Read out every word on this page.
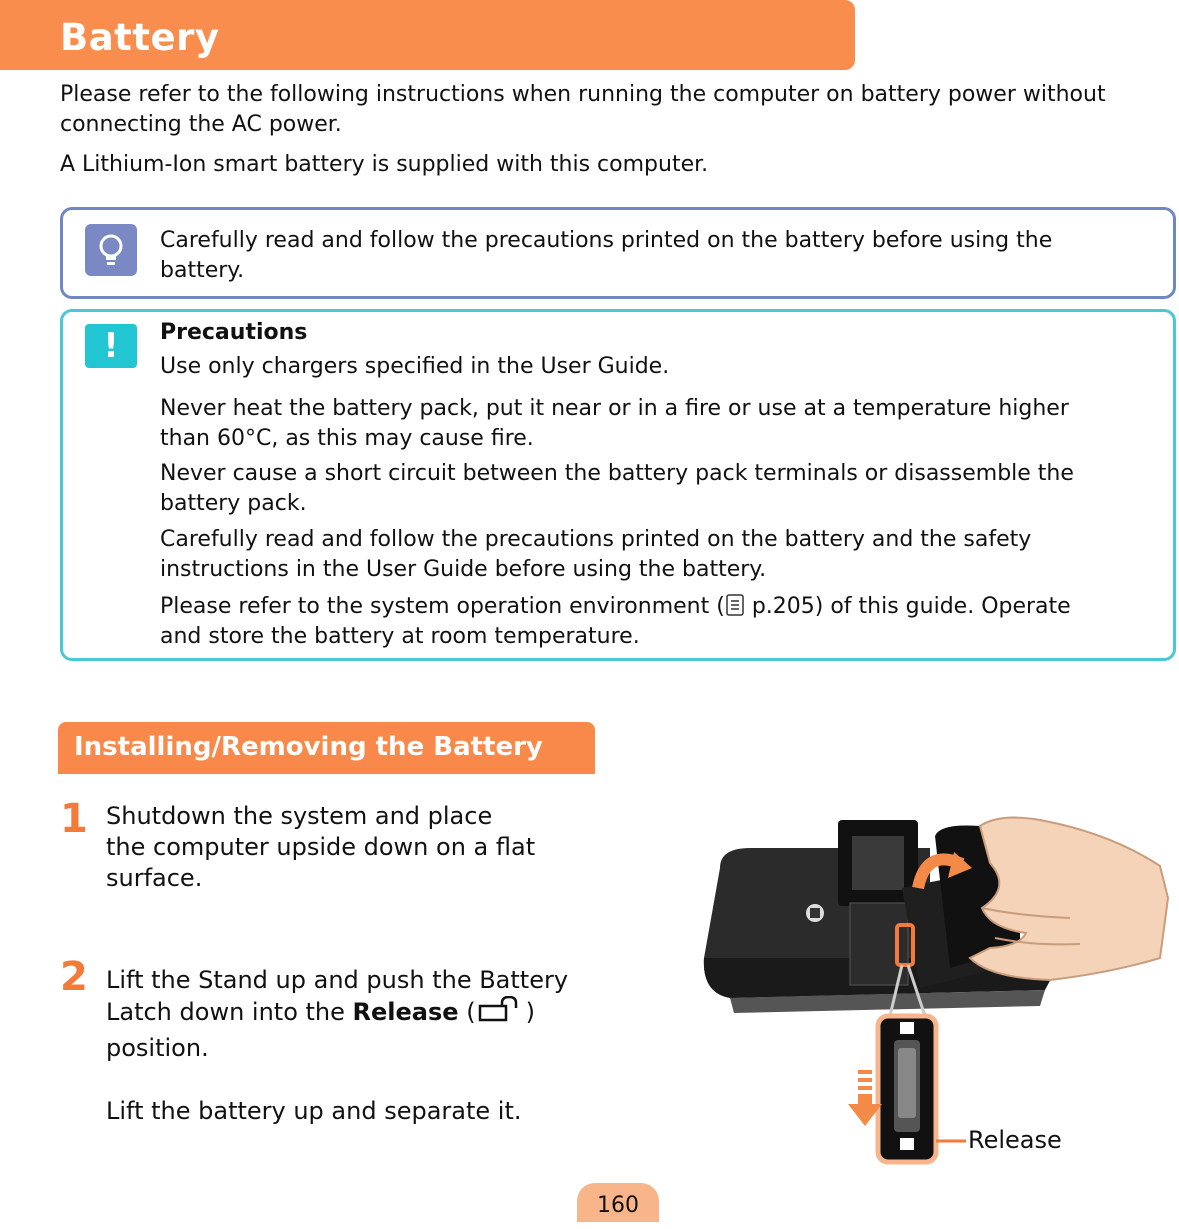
Battery

Please refer to the following instructions when running the computer on battery power without

connecting the AC power.

A Lithium-Ion smart battery is supplied with this computer.

Carefully read and follow the precautions printed on the battery before using the

battery.

!	Precautions

Use only chargers specified in the User Guide.

Never heat the battery pack, put it near or in a fire or use at a temperature higher

than 60°C, as this may cause fire.

Never cause a short circuit between the battery pack terminals or disassemble the

battery pack.

Carefully read and follow the precautions printed on the battery and the safety

instructions in the User Guide before using the battery.

Please refer to the system operation environment ( p.205) of this guide. Operate

and store the battery at room temperature.

Installing/Removing the Battery
1 Shutdown the system and place

the computer upside down on a flat

surface.

2 Lift the Stand up and push the Battery

Latch down into the Release ( )

position.

Lift the battery up and separate it.

Release
160
